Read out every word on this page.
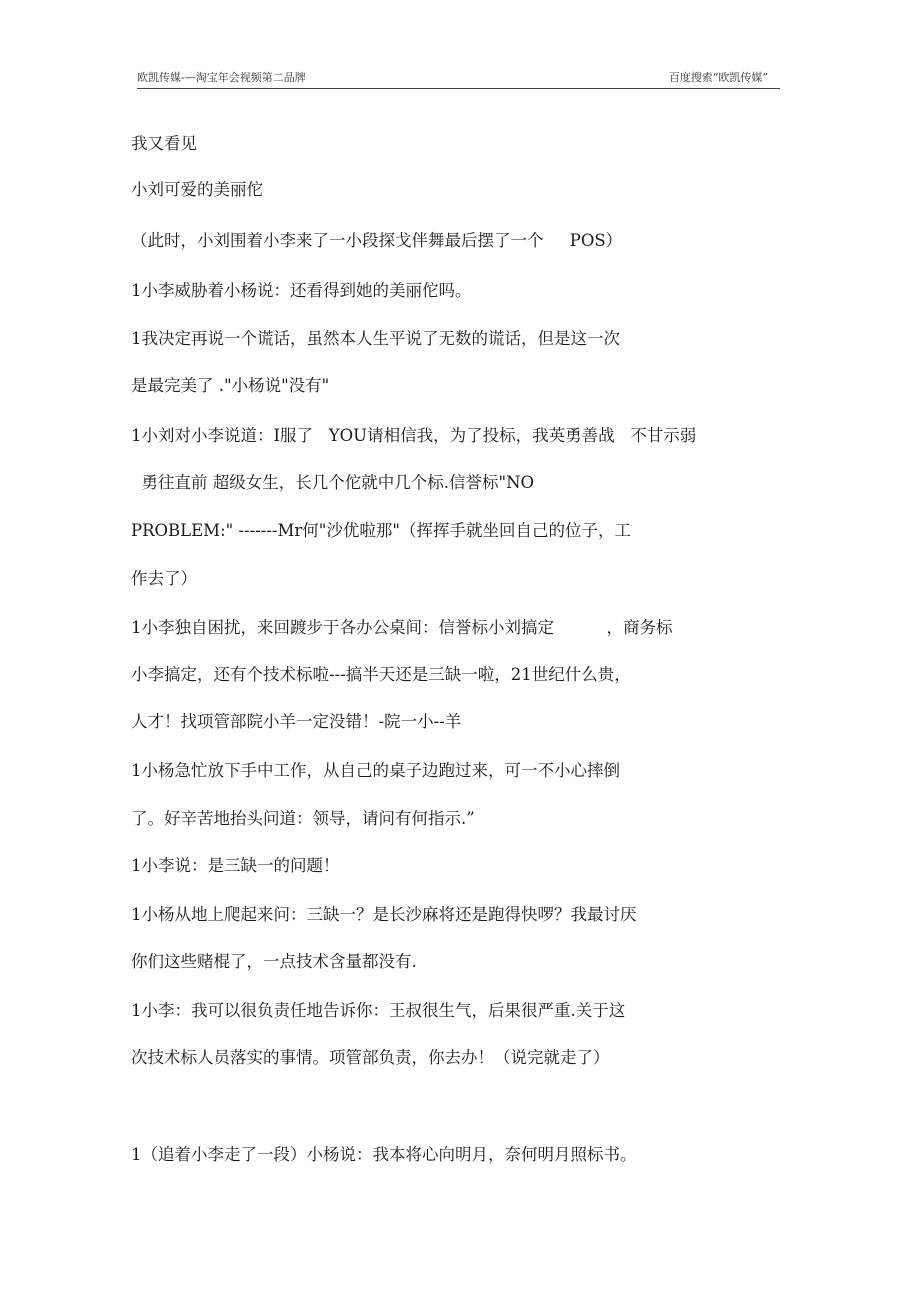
欧凯传媒-—淘宝年会视频第二品牌	百度搜索“欧凯传媒”
我又看见
小刘可爱的美丽佗
（此时，小刘围着小李来了一小段探戈伴舞最后摆了一个     POS）
1小李威胁着小杨说：还看得到她的美丽佗吗。
1我决定再说一个谎话，虽然本人生平说了无数的谎话，但是这一次
是最完美了 ."小杨说"没有"
1小刘对小李说道：I服了   YOU请相信我，为了投标，我英勇善战   不甘示弱
勇往直前 超级女生，长几个佗就中几个标.信誉标"NO
PROBLEM:" -------Mr何"沙优啦那"（挥挥手就坐回自己的位子，工
作去了）
1小李独自困扰，来回踱步于各办公桌间：信誉标小刘搞定          ，商务标
小李搞定，还有个技术标啦---搞半天还是三缺一啦，21世纪什么贵，
人才！找项管部院小羊一定没错！-院一小--羊
1小杨急忙放下手中工作，从自己的桌子边跑过来，可一不小心摔倒
了。好辛苦地抬头问道：领导，请问有何指示.”
1小李说：是三缺一的问题！
1小杨从地上爬起来问：三缺一？是长沙麻将还是跑得快啰？我最讨厌
你们这些赌棍了，一点技术含量都没有.
1小李：我可以很负责任地告诉你：王叔很生气，后果很严重.关于这
次技术标人员落实的事情。项管部负责，你去办！（说完就走了）
1（追着小李走了一段）小杨说：我本将心向明月，奈何明月照标书。
